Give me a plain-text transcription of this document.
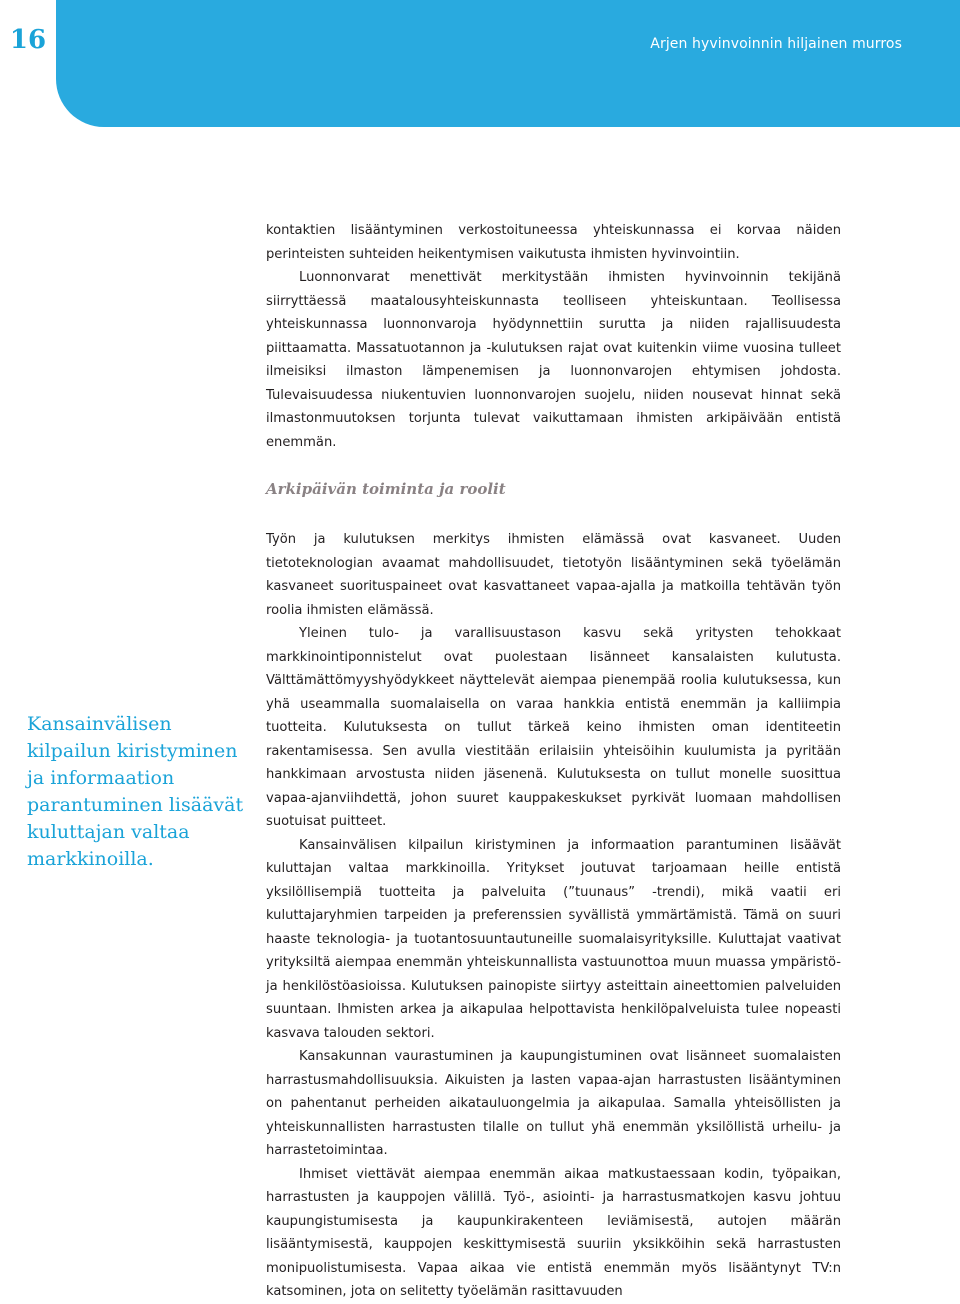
16	Arjen hyvinvoinnin hiljainen murros

kontaktien lisääntyminen verkostoituneessa yhteiskunnassa ei korvaa näiden perinteisten suhteiden heikentymisen vaikutusta ihmisten hyvinvointiin.

Luonnonvarat menettivät merkitystään ihmisten hyvinvoinnin tekijänä siirryttäessä maatalousyhteiskunnasta teolliseen yhteiskuntaan. Teollisessa yhteiskunnassa luonnonvaroja hyödynnettiin surutta ja niiden rajallisuudesta piittaamatta. Massatuotannon ja -kulutuksen rajat ovat kuitenkin viime vuosina tulleet ilmeisiksi ilmaston lämpenemisen ja luonnonvarojen ehtymisen johdosta. Tulevaisuudessa niukentuvien luonnonvarojen suojelu, niiden nousevat hinnat sekä ilmastonmuutoksen torjunta tulevat vaikuttamaan ihmisten arkipäivään entistä enemmän.

Arkipäivän toiminta ja roolit

Työn ja kulutuksen merkitys ihmisten elämässä ovat kasvaneet. Uuden tietoteknologian avaamat mahdollisuudet, tietotyön lisääntyminen sekä työelämän kasvaneet suorituspaineet ovat kasvattaneet vapaa-ajalla ja matkoilla tehtävän työn roolia ihmisten elämässä.

Yleinen tulo- ja varallisuustason kasvu sekä yritysten tehokkaat markkinointiponnistelut ovat puolestaan lisänneet kansalaisten kulutusta. Välttämättömyyshyödykkeet näyttelevät aiempaa pienempää roolia kulutuksessa, kun yhä useammalla suomalaisella on varaa hankkia entistä enemmän ja kalliimpia tuotteita. Kulutuksesta on tullut tärkeä keino ihmisten oman identiteetin rakentamisessa. Sen avulla viestitään erilaisiin yhteisöihin kuulumista ja pyritään hankkimaan arvostusta niiden jäsenenä. Kulutuksesta on tullut monelle suosittua vapaa-ajanviihdettä, johon suuret kauppakeskukset pyrkivät luomaan mahdollisen suotuisat puitteet.

Kansainvälisen kilpailun kiristyminen ja informaation parantuminen lisäävät kuluttajan valtaa markkinoilla. Yritykset joutuvat tarjoamaan heille entistä yksilöllisempiä tuotteita ja palveluita (”tuunaus” -trendi), mikä vaatii eri kuluttajaryhmien tarpeiden ja preferenssien syvällistä ymmärtämistä. Tämä on suuri haaste teknologia- ja tuotantosuuntautuneille suomalaisyrityksille. Kuluttajat vaativat yrityksiltä aiempaa enemmän yhteiskunnallista vastuunottoa muun muassa ympäristö- ja henkilöstöasioissa. Kulutuksen painopiste siirtyy asteittain aineettomien palveluiden suuntaan. Ihmisten arkea ja aikapulaa helpottavista henkilöpalveluista tulee nopeasti kasvava talouden sektori.

Kansakunnan vaurastuminen ja kaupungistuminen ovat lisänneet suomalaisten harrastusmahdollisuuksia. Aikuisten ja lasten vapaa-ajan harrastusten lisääntyminen on pahentanut perheiden aikatauluongelmia ja aikapulaa. Samalla yhteisöllisten ja yhteiskunnallisten harrastusten tilalle on tullut yhä enemmän yksilöllistä urheilu- ja harrastetoimintaa.

Ihmiset viettävät aiempaa enemmän aikaa matkustaessaan kodin, työpaikan, harrastusten ja kauppojen välillä. Työ-, asiointi- ja harrastusmatkojen kasvu johtuu kaupungistumisesta ja kaupunkirakenteen leviämisestä, autojen määrän lisääntymisestä, kauppojen keskittymisestä suuriin yksikköihin sekä harrastusten monipuolistumisesta. Vapaa aikaa vie entistä enemmän myös lisääntynyt TV:n katsominen, jota on selitetty työelämän rasittavuuden

Kansainvälisen kilpailun kiristyminen ja informaation parantuminen lisäävät kuluttajan valtaa markkinoilla.
